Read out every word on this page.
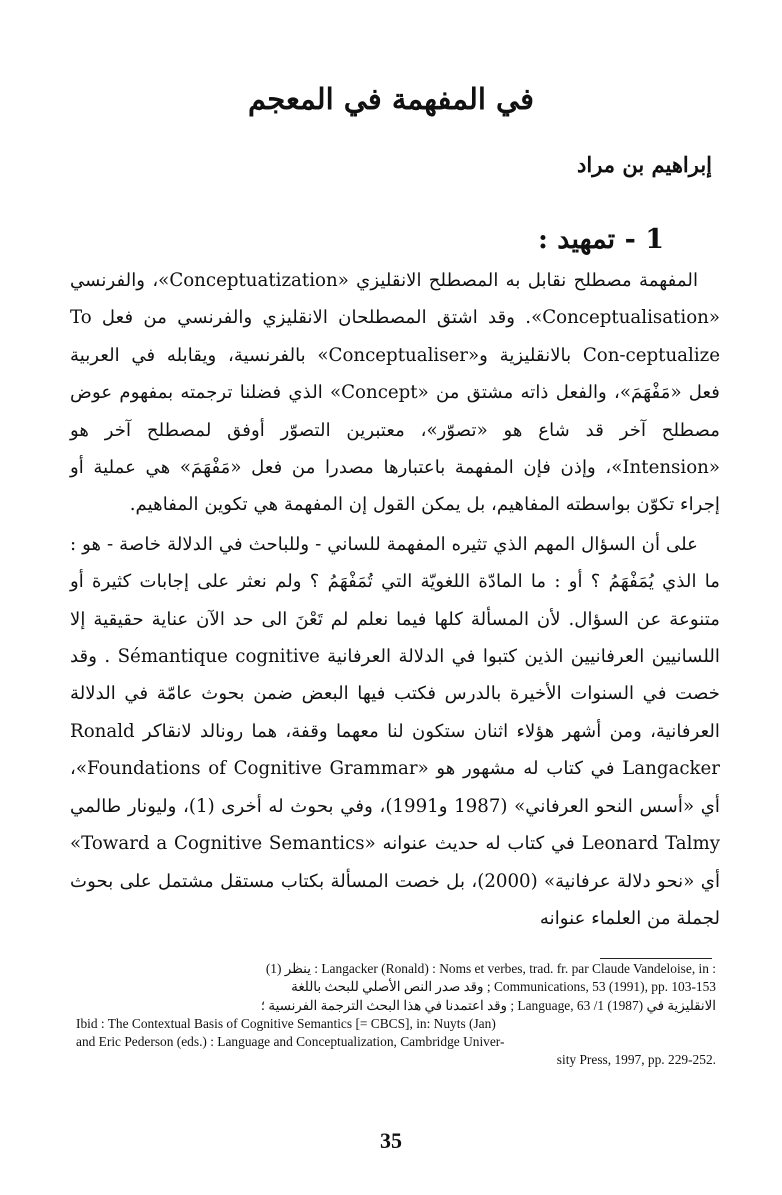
في المفهمة في المعجم
إبراهيم بن مراد
1 - تمهيد :

المفهمة مصطلح نقابل به المصطلح الانقليزي «Conceptuatization»، والفرنسي «Conceptualisation». وقد اشتق المصطلحان الانقليزي والفرنسي من فعل To Con-ceptualize بالانقليزية و«Conceptualiser» بالفرنسية، ويقابله في العربية فعل «مَفْهَمَ»، والفعل ذاته مشتق من «Concept» الذي فضلنا ترجمته بمفهوم عوض مصطلح آخر قد شاع هو «تصوّر»، معتبرين التصوّر أوفق لمصطلح آخر هو «Intension»، وإذن فإن المفهمة باعتبارها مصدرا من فعل «مَفْهَمَ» هي عملية أو إجراء تكوّن بواسطته المفاهيم، بل يمكن القول إن المفهمة هي تكوين المفاهيم.

على أن السؤال المهم الذي تثيره المفهمة للساني - وللباحث في الدلالة خاصة - هو : ما الذي يُمَفْهَمُ ؟ أو : ما المادّة اللغويّة التي تُمَفْهَمُ ؟ ولم نعثر على إجابات كثيرة أو متنوعة عن السؤال. لأن المسألة كلها فيما نعلم لم تَعْنَ الى حد الآن عناية حقيقية إلا اللسانيين العرفانيين الذين كتبوا في الدلالة العرفانية Sémantique cognitive . وقد خصت في السنوات الأخيرة بالدرس فكتب فيها البعض ضمن بحوث عامّة في الدلالة العرفانية، ومن أشهر هؤلاء اثنان ستكون لنا معهما وقفة، هما رونالد لانقاكر Ronald Langacker في كتاب له مشهور هو «Foundations of Cognitive Grammar»، أي «أسس النحو العرفاني» (1987 و1991)، وفي بحوث له أخرى (1)، وليونار طالمي Leonard Talmy في كتاب له حديث عنوانه «Toward a Cognitive Semantics» أي «نحو دلالة عرفانية» (2000)، بل خصت المسألة بكتاب مستقل مشتمل على بحوث لجملة من العلماء عنوانه

(1) ينظر : Langacker (Ronald) : Noms et verbes, trad. fr. par Claude Vandeloise, in :
Communications, 53 (1991), pp. 103-153 ; وقد صدر النص الأصلي للبحث باللغة
الانقليزية في (1987) Language, 63 /1 ; وقد اعتمدنا في هذا البحث الترجمة الفرنسية ؛
Ibid : The Contextual Basis of Cognitive Semantics [= CBCS], in: Nuyts (Jan)
and Eric Pederson (eds.) : Language and Conceptualization, Cambridge Univer-
sity Press, 1997, pp. 229-252.
35
